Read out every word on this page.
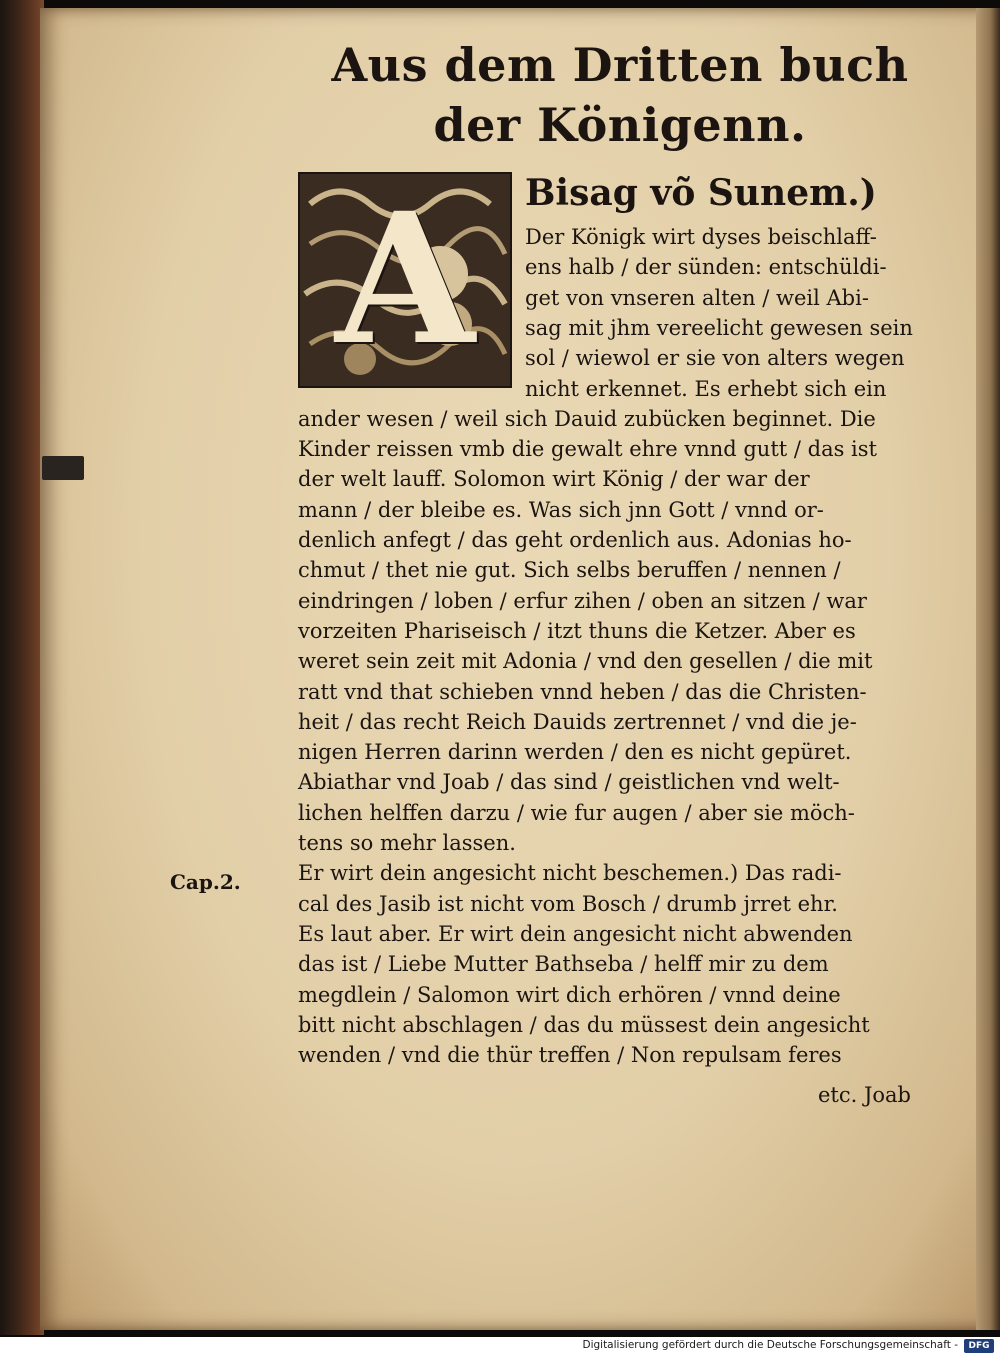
Aus dem Dritten buch
der Königenn.
A	Bisag võ Sunem.)

Der Königk wirt dyses beischlaff-

ens halb / der sünden: entschüldi-

get von vnseren alten / weil Abi-

sag mit jhm vereelicht gewesen sein

sol / wiewol er sie von alters wegen

nicht erkennet. Es erhebt sich ein

ander wesen / weil sich Dauid zubücken beginnet. Die

Kinder reissen vmb die gewalt ehre vnnd gutt / das ist

der welt lauff. Solomon wirt König / der war der

mann / der bleibe es. Was sich jnn Gott / vnnd or-

denlich anfegt / das geht ordenlich aus. Adonias ho-

chmut / thet nie gut. Sich selbs beruffen / nennen /

eindringen / loben / erfur zihen / oben an sitzen / war

vorzeiten Phariseisch / itzt thuns die Ketzer. Aber es

weret sein zeit mit Adonia / vnd den gesellen / die mit

ratt vnd that schieben vnnd heben / das die Christen-

heit / das recht Reich Dauids zertrennet / vnd die je-

nigen Herren darinn werden / den es nicht gepüret.

Abiathar vnd Joab / das sind / geistlichen vnd welt-

lichen helffen darzu / wie fur augen / aber sie möch-

tens so mehr lassen.

Er wirt dein angesicht nicht beschemen.) Das radi-

cal des Jasib ist nicht vom Bosch / drumb jrret ehr.

Es laut aber. Er wirt dein angesicht nicht abwenden

das ist / Liebe Mutter Bathseba / helff mir zu dem

megdlein / Salomon wirt dich erhören / vnnd deine

bitt nicht abschlagen / das du müssest dein angesicht

wenden / vnd die thür treffen / Non repulsam feres

Cap.2.

etc. Joab

Digitalisierung gefördert durch die Deutsche Forschungsgemeinschaft -	DFG
